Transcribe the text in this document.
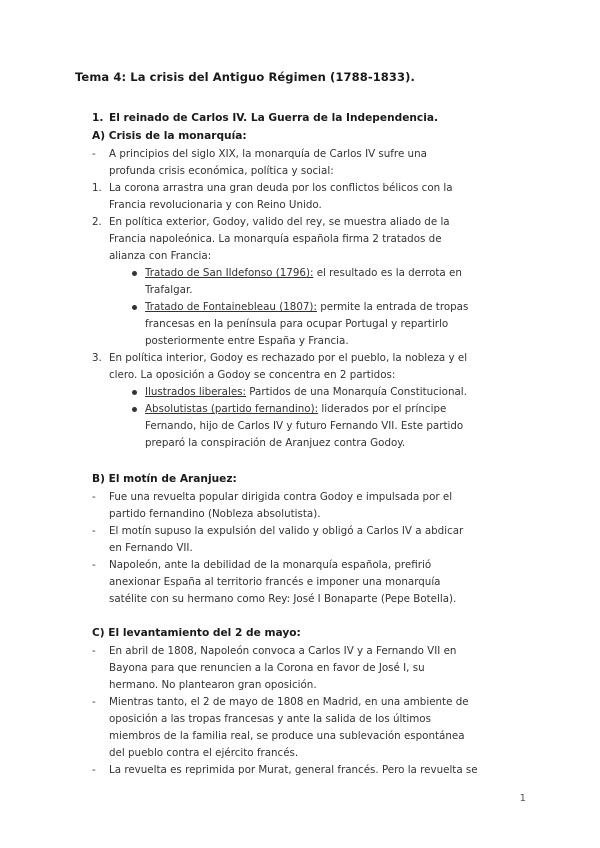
Tema 4: La crisis del Antiguo Régimen (1788-1833).
1. El reinado de Carlos IV. La Guerra de la Independencia.
A) Crisis de la monarquía:
- A principios del siglo XIX, la monarquía de Carlos IV sufre una
profunda crisis económica, política y social:
1. La corona arrastra una gran deuda por los conflictos bélicos con la
Francia revolucionaria y con Reino Unido.
2. En política exterior, Godoy, valido del rey, se muestra aliado de la
Francia napoleónica. La monarquía española firma 2 tratados de
alianza con Francia:
Tratado de San Ildefonso (1796): el resultado es la derrota en
Trafalgar.
Tratado de Fontainebleau (1807): permite la entrada de tropas
francesas en la península para ocupar Portugal y repartirlo
posteriormente entre España y Francia.
3. En política interior, Godoy es rechazado por el pueblo, la nobleza y el
clero. La oposición a Godoy se concentra en 2 partidos:
Ilustrados liberales: Partidos de una Monarquía Constitucional.
Absolutistas (partido fernandino): liderados por el príncipe
Fernando, hijo de Carlos IV y futuro Fernando VII. Este partido
preparó la conspiración de Aranjuez contra Godoy.
B) El motín de Aranjuez:
- Fue una revuelta popular dirigida contra Godoy e impulsada por el
partido fernandino (Nobleza absolutista).
- El motín supuso la expulsión del valido y obligó a Carlos IV a abdicar
en Fernando VII.
- Napoleón, ante la debilidad de la monarquía española, prefirió
anexionar España al territorio francés e imponer una monarquía
satélite con su hermano como Rey: José I Bonaparte (Pepe Botella).
C) El levantamiento del 2 de mayo:
- En abril de 1808, Napoleón convoca a Carlos IV y a Fernando VII en
Bayona para que renuncien a la Corona en favor de José I, su
hermano. No plantearon gran oposición.
- Mientras tanto, el 2 de mayo de 1808 en Madrid, en una ambiente de
oposición a las tropas francesas y ante la salida de los últimos
miembros de la familia real, se produce una sublevación espontánea
del pueblo contra el ejército francés.
- La revuelta es reprimida por Murat, general francés. Pero la revuelta se
1
